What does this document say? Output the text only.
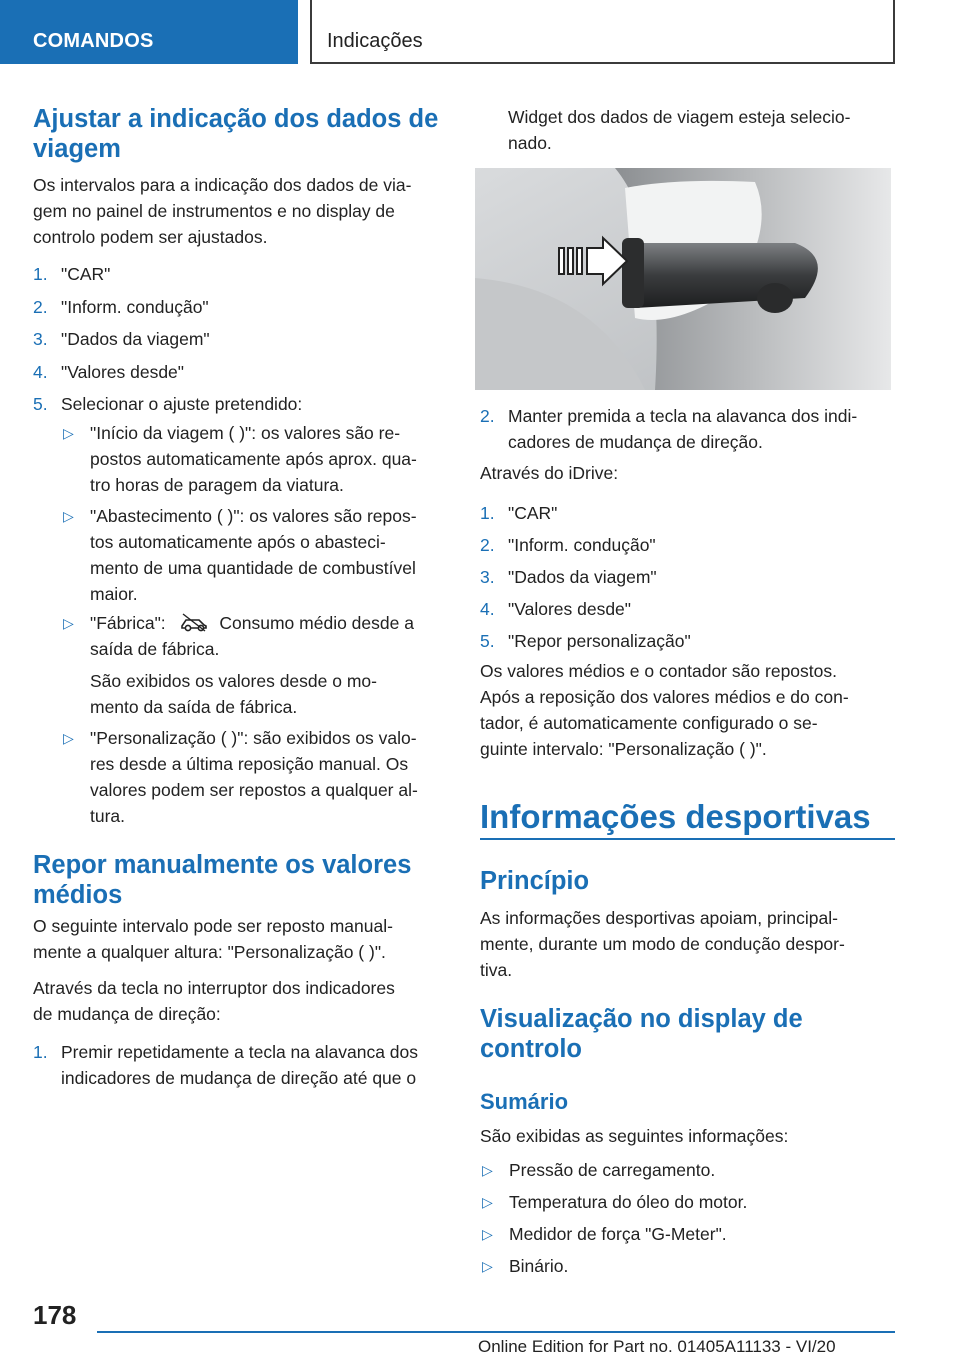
COMANDOS	Indicações
Ajustar a indicação dos dados de viagem
Os intervalos para a indicação dos dados de via-
gem no painel de instrumentos e no display de
controlo podem ser ajustados.
1. "CAR"
2. "Inform. condução"
3. "Dados da viagem"
4. "Valores desde"
5. Selecionar o ajuste pretendido:
▷ "Início da viagem ( )": os valores são re-
postos automaticamente após aprox. qua-
tro horas de paragem da viatura.
▷ "Abastecimento ( )": os valores são repos-
tos automaticamente após o abasteci-
mento de uma quantidade de combustível
maior.
▷ "Fábrica":	Consumo médio desde a
saída de fábrica.
São exibidos os valores desde o mo-
mento da saída de fábrica.
▷ "Personalização ( )": são exibidos os valo-
res desde a última reposição manual. Os
valores podem ser repostos a qualquer al-
tura.
Repor manualmente os valores médios
O seguinte intervalo pode ser reposto manual-
mente a qualquer altura: "Personalização ( )".
Através da tecla no interruptor dos indicadores
de mudança de direção:
1. Premir repetidamente a tecla na alavanca dos
indicadores de mudança de direção até que o
Widget dos dados de viagem esteja selecio-
nado.
2. Manter premida a tecla na alavanca dos indi-
cadores de mudança de direção.
Através do iDrive:
1. "CAR"
2. "Inform. condução"
3. "Dados da viagem"
4. "Valores desde"
5. "Repor personalização"
Os valores médios e o contador são repostos.
Após a reposição dos valores médios e do con-
tador, é automaticamente configurado o se-
guinte intervalo: "Personalização ( )".
Informações desportivas
Princípio
As informações desportivas apoiam, principal-
mente, durante um modo de condução despor-
tiva.
Visualização no display de controlo
Sumário
São exibidas as seguintes informações:
▷ Pressão de carregamento.
▷ Temperatura do óleo do motor.
▷ Medidor de força "G-Meter".
▷ Binário.
178
Online Edition for Part no. 01405A11133 - VI/20
